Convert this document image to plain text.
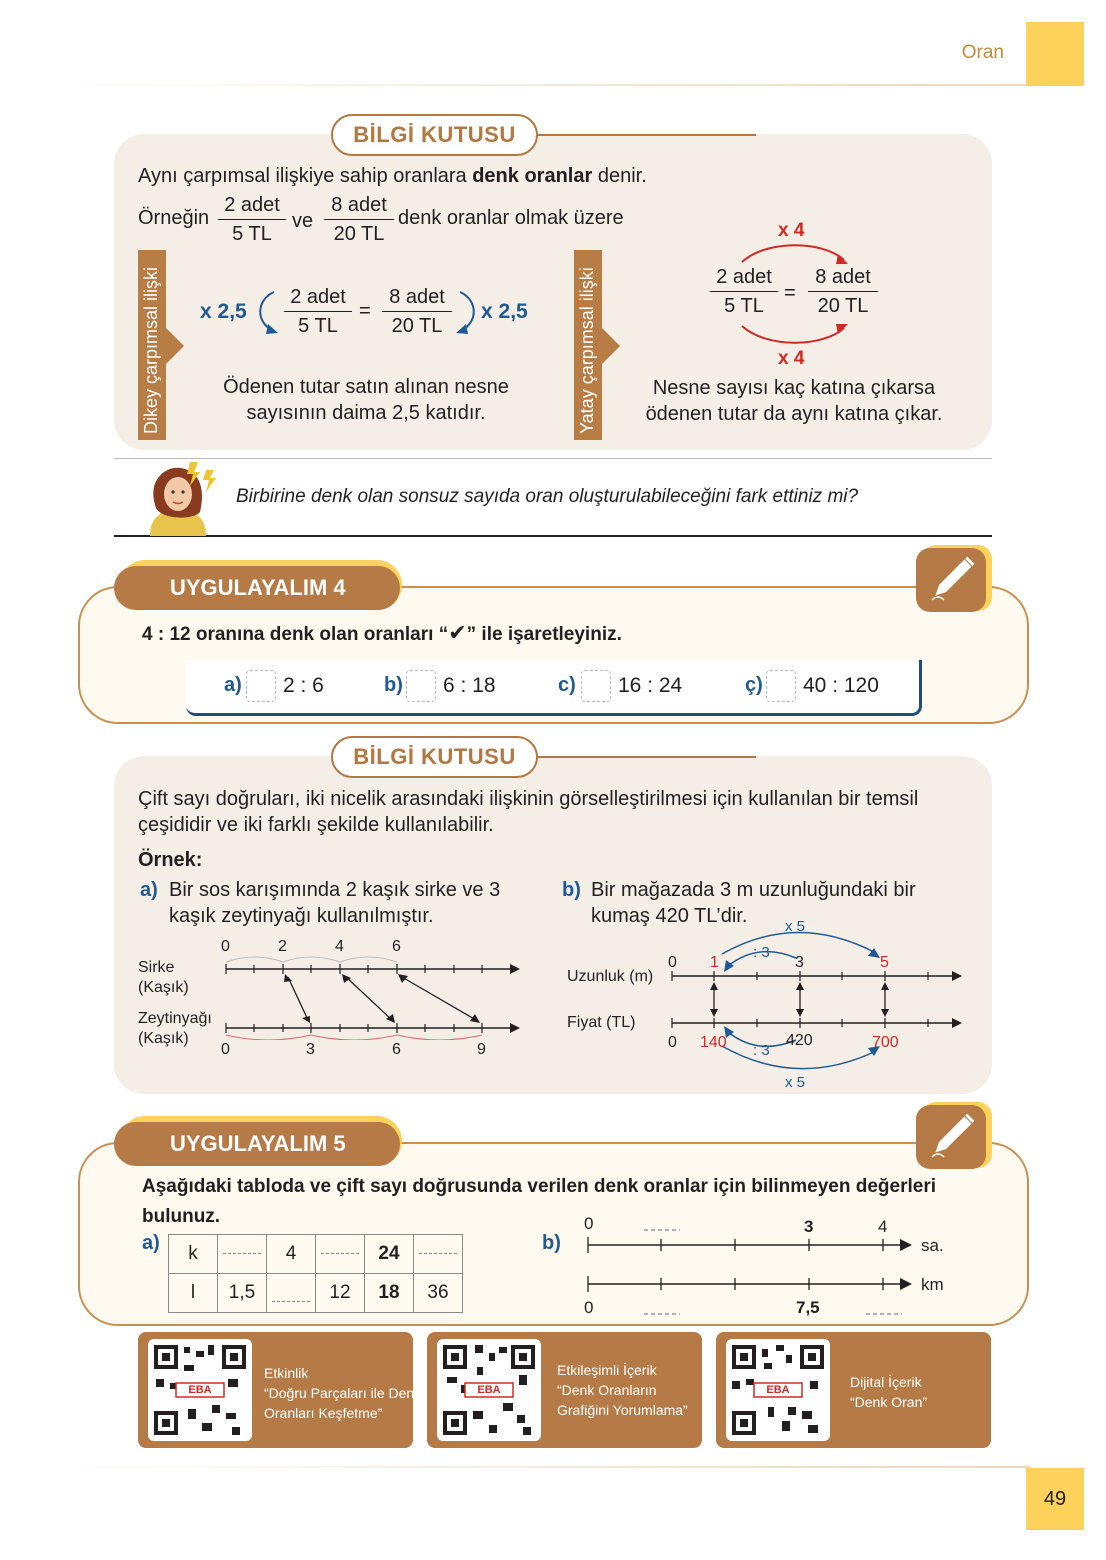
Oran
49
BİLGİ KUTUSU
Aynı çarpımsal ilişkiye sahip oranlara denk oranlar denir.
Örneğin
2 adet
5 TL
ve
8 adet
20 TL
denk oranlar olmak üzere
Dikey çarpımsal ilişki x 2,5
2 adet
5 TL
=
8 adet
20 TL
x 2,5
Ödenen tutar satın alınan nesne
sayısının daima 2,5 katıdır.	Yatay çarpımsal ilişki
x 4
2 adet
5 TL
=
8 adet
20 TL
x 4
Nesne sayısı kaç katına çıkarsa
ödenen tutar da aynı katına çıkar.
Birbirine denk olan sonsuz sayıda oran oluşturulabileceğini fark ettiniz mi?
UYGULAYALIM 4
4 : 12 oranına denk olan oranları “✔” ile işaretleyiniz.
a) 2 : 6	b) 6 : 18	c) 16 : 24	ç) 40 : 120
BİLGİ KUTUSU
Çift sayı doğruları, iki nicelik arasındaki ilişkinin görselleştirilmesi için kullanılan bir temsil
çeşididir ve iki farklı şekilde kullanılabilir.
Örnek:
a) Bir sos karışımında 2 kaşık sirke ve 3
kaşık zeytinyağı kullanılmıştır.
b) Bir mağazada 3 m uzunluğundaki bir
kumaş 420 TL’dir.
Sirke
(Kaşık)
Zeytinyağı
(Kaşık)
0	2	4	6
0	3	6	9
Uzunluk (m)
Fiyat (TL)
0 1	3	5
: 3
x 5
0 140	420	700
: 3
x 5
UYGULAYALIM 5
Aşağıdaki tabloda ve çift sayı doğrusunda verilen denk oranlar için bilinmeyen değerleri
bulunuz.
a) k		4		24	
l	1,5		12	18	36
b)
0	3	4
sa.
km
0	7,5
EBA
Etkinlik
“Doğru Parçaları ile Denk
Oranları Keşfetme”
EBA
Etkileşimli İçerik
“Denk Oranların
Grafiğini Yorumlama”
EBA	Dijital İçerik
“Denk Oran”
